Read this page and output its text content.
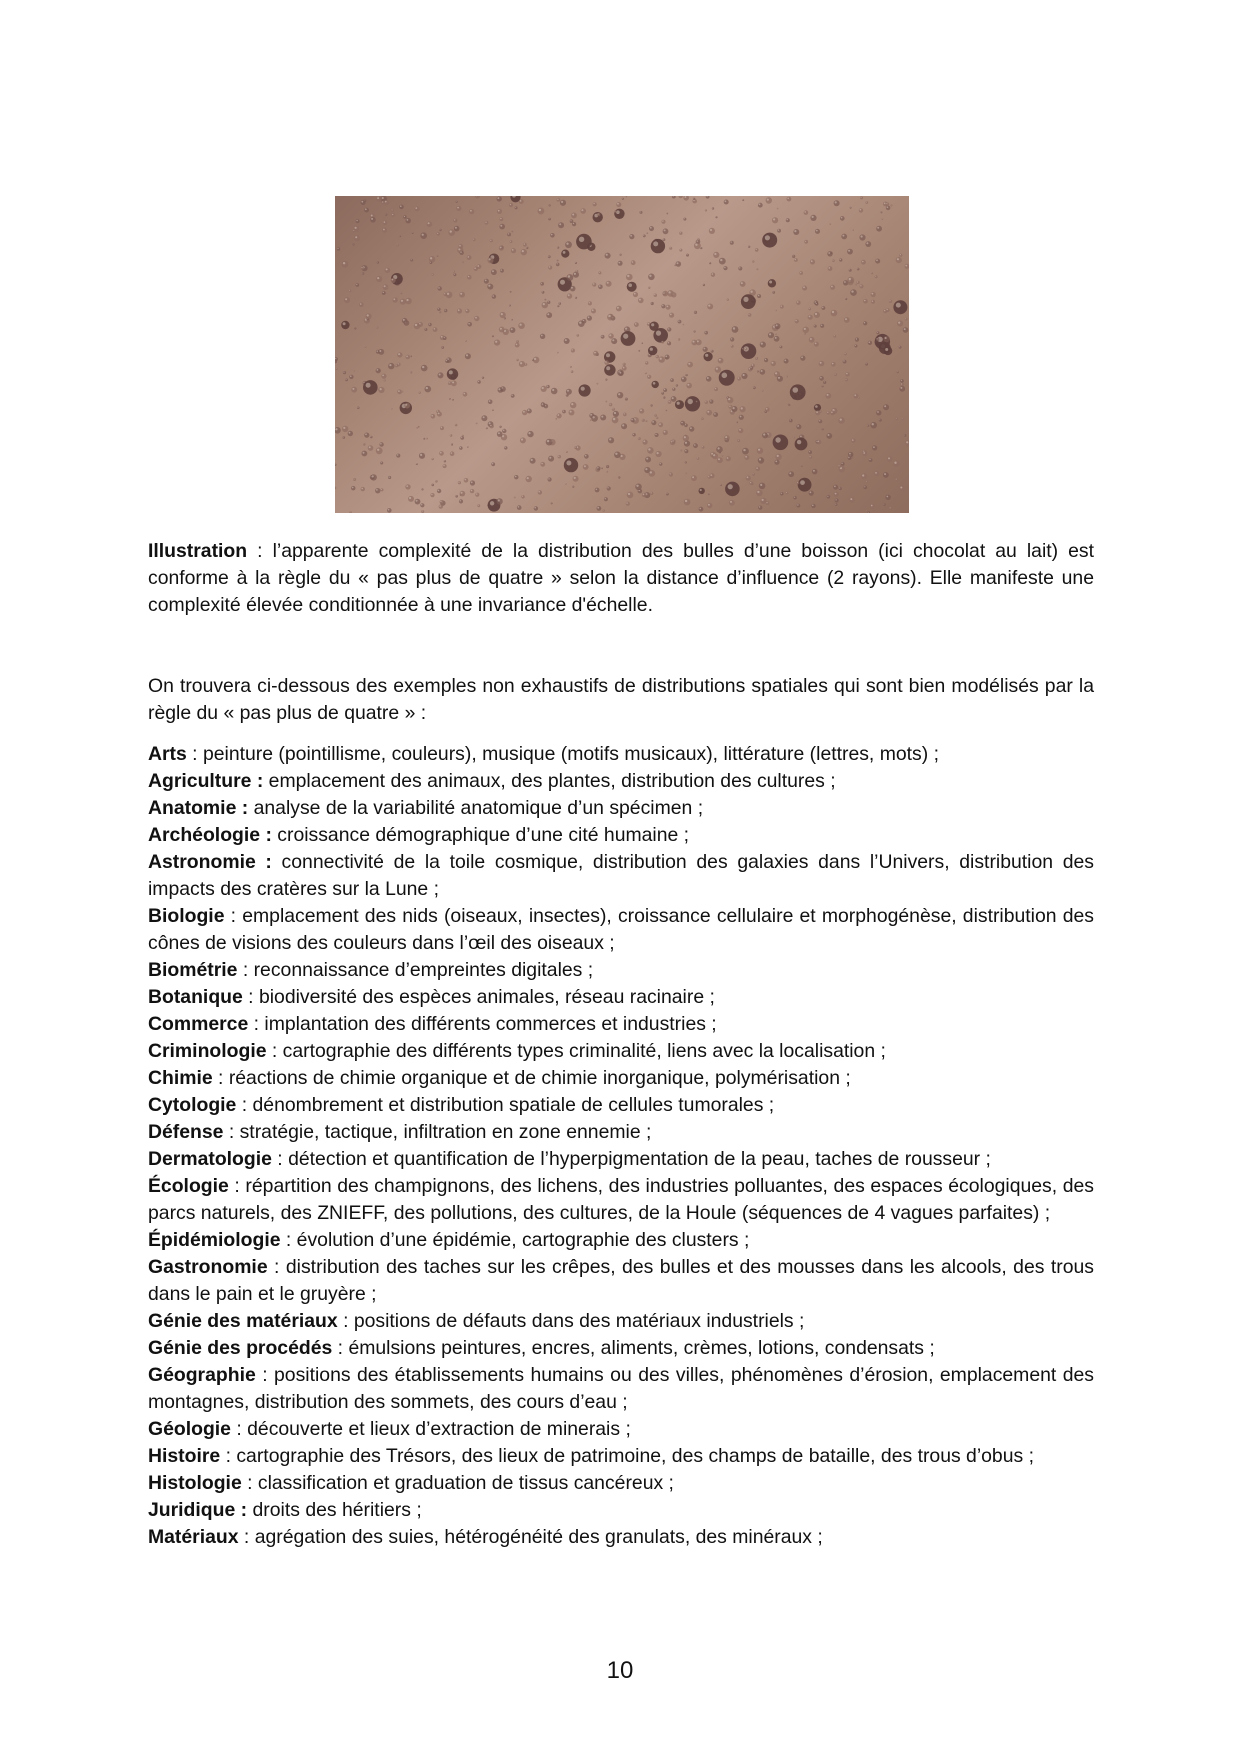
Illustration : l’apparente complexité de la distribution des bulles d’une boisson (ici chocolat au lait) est conforme à la règle du « pas plus de quatre » selon la distance d’influence (2 rayons). Elle manifeste une complexité élevée conditionnée à une invariance d'échelle.

On trouvera ci-dessous des exemples non exhaustifs de distributions spatiales qui sont bien modélisés par la règle du « pas plus de quatre » :

Arts : peinture (pointillisme, couleurs), musique (motifs musicaux), littérature (lettres, mots) ;

Agriculture : emplacement des animaux, des plantes, distribution des cultures ;

Anatomie : analyse de la variabilité anatomique d’un spécimen ;

Archéologie : croissance démographique d’une cité humaine ;

Astronomie : connectivité de la toile cosmique, distribution des galaxies dans l’Univers, distribution des impacts des cratères sur la Lune ;

Biologie : emplacement des nids (oiseaux, insectes), croissance cellulaire et morphogénèse, distribution des cônes de visions des couleurs dans l’œil des oiseaux ;

Biométrie : reconnaissance d’empreintes digitales ;

Botanique : biodiversité des espèces animales, réseau racinaire ;

Commerce : implantation des différents commerces et industries ;

Criminologie : cartographie des différents types criminalité, liens avec la localisation ;

Chimie : réactions de chimie organique et de chimie inorganique, polymérisation ;

Cytologie : dénombrement et distribution spatiale de cellules tumorales ;

Défense : stratégie, tactique, infiltration en zone ennemie ;

Dermatologie : détection et quantification de l’hyperpigmentation de la peau, taches de rousseur ;

Écologie : répartition des champignons, des lichens, des industries polluantes, des espaces écologiques, des parcs naturels, des ZNIEFF, des pollutions, des cultures, de la Houle (séquences de 4 vagues parfaites) ;

Épidémiologie : évolution d’une épidémie, cartographie des clusters ;

Gastronomie : distribution des taches sur les crêpes, des bulles et des mousses dans les alcools, des trous dans le pain et le gruyère ;

Génie des matériaux : positions de défauts dans des matériaux industriels ;

Génie des procédés : émulsions peintures, encres, aliments, crèmes, lotions, condensats ;

Géographie : positions des établissements humains ou des villes, phénomènes d’érosion, emplacement des montagnes, distribution des sommets, des cours d’eau ;

Géologie : découverte et lieux d’extraction de minerais ;

Histoire : cartographie des Trésors, des lieux de patrimoine, des champs de bataille, des trous d’obus ;

Histologie : classification et graduation de tissus cancéreux ;

Juridique : droits des héritiers ;

Matériaux : agrégation des suies, hétérogénéité des granulats, des minéraux ;

10
